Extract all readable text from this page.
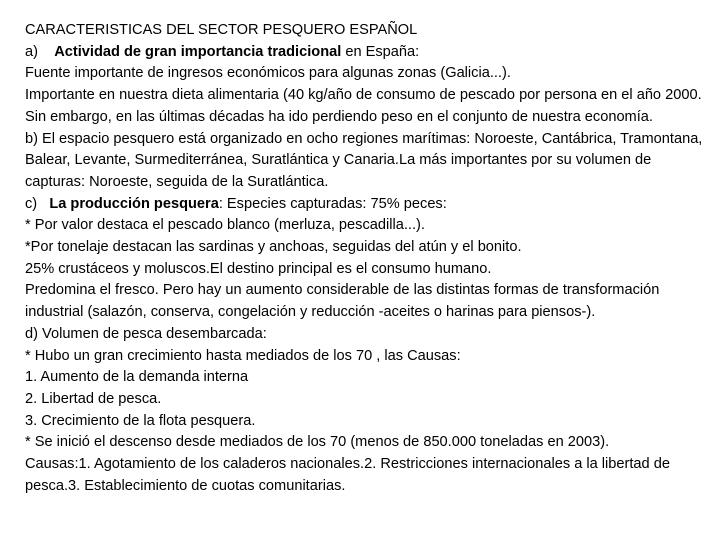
CARACTERISTICAS DEL SECTOR PESQUERO ESPAÑOL
a) Actividad de gran importancia tradicional en España:
Fuente importante de ingresos económicos para algunas zonas (Galicia...).
Importante en nuestra dieta alimentaria (40 kg/año de consumo de pescado por persona en el año 2000. Sin embargo, en las últimas décadas ha ido perdiendo peso en el conjunto de nuestra economía.
b) El espacio pesquero está organizado en ocho regiones marítimas: Noroeste, Cantábrica, Tramontana, Balear, Levante, Surmediterránea, Suratlántica y Canaria.La más importantes por su volumen de capturas: Noroeste, seguida de la Suratlántica.
c) La producción pesquera: Especies capturadas: 75% peces:
* Por valor destaca el pescado blanco (merluza, pescadilla...).
*Por tonelaje destacan las sardinas y anchoas, seguidas del atún y el bonito.
25% crustáceos y moluscos.El destino principal es el consumo humano.
Predomina el fresco. Pero hay un aumento considerable de las distintas formas de transformación industrial (salazón, conserva, congelación y reducción -aceites o harinas para piensos-).
d) Volumen de pesca desembarcada:
* Hubo un gran crecimiento hasta mediados de los 70 , las Causas:
1. Aumento de la demanda interna
2. Libertad de pesca.
3. Crecimiento de la flota pesquera.
* Se inició el descenso desde mediados de los 70 (menos de 850.000 toneladas en 2003).
Causas:1. Agotamiento de los caladeros nacionales.2. Restricciones internacionales a la libertad de pesca.3. Establecimiento de cuotas comunitarias.
